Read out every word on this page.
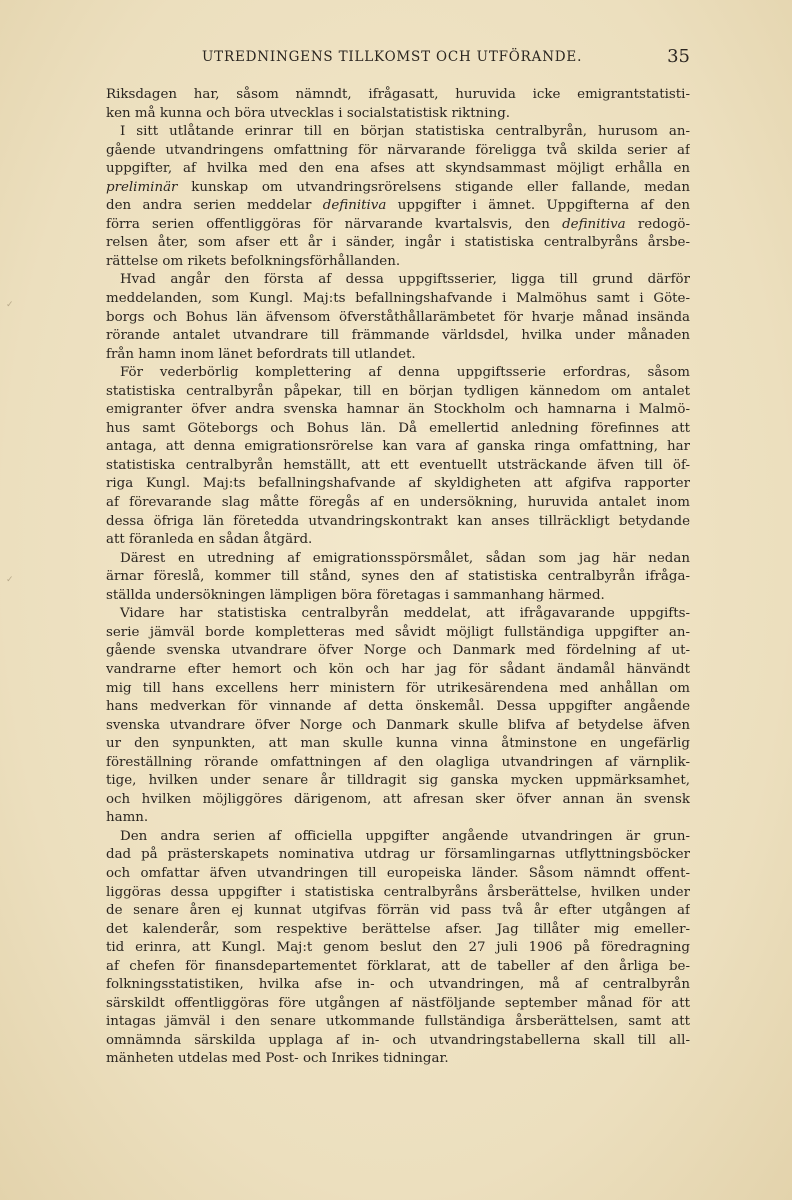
UTREDNINGENS TILLKOMST OCH UTFÖRANDE.	35
✓
✓
Riksdagen har, såsom nämndt, ifrågasatt, huruvida icke emigrantstatisti-
ken må kunna och böra utvecklas i socialstatistisk riktning.
I sitt utlåtande erinrar till en början statistiska centralbyrån, hurusom an-
gående utvandringens omfattning för närvarande föreligga två skilda serier af
uppgifter, af hvilka med den ena afses att skyndsammast möjligt erhålla en
preliminär kunskap om utvandringsrörelsens stigande eller fallande, medan
den andra serien meddelar definitiva uppgifter i ämnet. Uppgifterna af den
förra serien offentliggöras för närvarande kvartalsvis, den definitiva redogö-
relsen åter, som afser ett år i sänder, ingår i statistiska centralbyråns årsbe-
rättelse om rikets befolkningsförhållanden.
Hvad angår den första af dessa uppgiftsserier, ligga till grund därför
meddelanden, som Kungl. Maj:ts befallningshafvande i Malmöhus samt i Göte-
borgs och Bohus län äfvensom öfverståthållarämbetet för hvarje månad insända
rörande antalet utvandrare till främmande världsdel, hvilka under månaden
från hamn inom länet befordrats till utlandet.
För vederbörlig komplettering af denna uppgiftsserie erfordras, såsom
statistiska centralbyrån påpekar, till en början tydligen kännedom om antalet
emigranter öfver andra svenska hamnar än Stockholm och hamnarna i Malmö-
hus samt Göteborgs och Bohus län. Då emellertid anledning förefinnes att
antaga, att denna emigrationsrörelse kan vara af ganska ringa omfattning, har
statistiska centralbyrån hemställt, att ett eventuellt utsträckande äfven till öf-
riga Kungl. Maj:ts befallningshafvande af skyldigheten att afgifva rapporter
af förevarande slag måtte föregås af en undersökning, huruvida antalet inom
dessa öfriga län företedda utvandringskontrakt kan anses tillräckligt betydande
att föranleda en sådan åtgärd.
Därest en utredning af emigrationsspörsmålet, sådan som jag här nedan
ärnar föreslå, kommer till stånd, synes den af statistiska centralbyrån ifråga-
ställda undersökningen lämpligen böra företagas i sammanhang härmed.
Vidare har statistiska centralbyrån meddelat, att ifrågavarande uppgifts-
serie jämväl borde kompletteras med såvidt möjligt fullständiga uppgifter an-
gående svenska utvandrare öfver Norge och Danmark med fördelning af ut-
vandrarne efter hemort och kön och har jag för sådant ändamål hänvändt
mig till hans excellens herr ministern för utrikesärendena med anhållan om
hans medverkan för vinnande af detta önskemål. Dessa uppgifter angående
svenska utvandrare öfver Norge och Danmark skulle blifva af betydelse äfven
ur den synpunkten, att man skulle kunna vinna åtminstone en ungefärlig
föreställning rörande omfattningen af den olagliga utvandringen af värnplik-
tige, hvilken under senare år tilldragit sig ganska mycken uppmärksamhet,
och hvilken möjliggöres därigenom, att afresan sker öfver annan än svensk
hamn.
Den andra serien af officiella uppgifter angående utvandringen är grun-
dad på prästerskapets nominativa utdrag ur församlingarnas utflyttningsböcker
och omfattar äfven utvandringen till europeiska länder. Såsom nämndt offent-
liggöras dessa uppgifter i statistiska centralbyråns årsberättelse, hvilken under
de senare åren ej kunnat utgifvas förrän vid pass två år efter utgången af
det kalenderår, som respektive berättelse afser. Jag tillåter mig emeller-
tid erinra, att Kungl. Maj:t genom beslut den 27 juli 1906 på föredragning
af chefen för finansdepartementet förklarat, att de tabeller af den årliga be-
folkningsstatistiken, hvilka afse in- och utvandringen, må af centralbyrån
särskildt offentliggöras före utgången af nästföljande september månad för att
intagas jämväl i den senare utkommande fullständiga årsberättelsen, samt att
omnämnda särskilda upplaga af in- och utvandringstabellerna skall till all-
mänheten utdelas med Post- och Inrikes tidningar.
